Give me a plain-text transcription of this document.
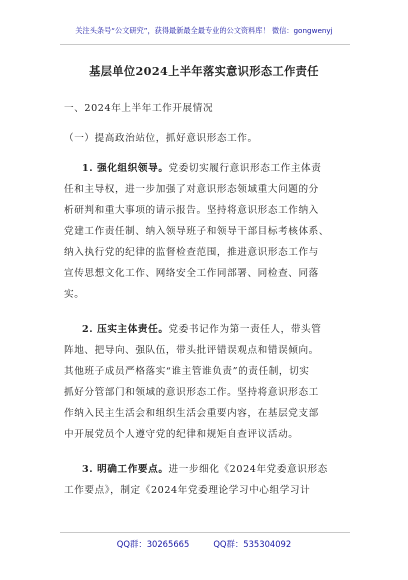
关注头条号“公文研究”，获得最新最全最专业的公文资料库！ 微信：gongwenyj
基层单位2024上半年落实意识形态工作责任
一、2024年上半年工作开展情况
（一）提高政治站位，抓好意识形态工作。
1. 强化组织领导。党委切实履行意识形态工作主体责
任和主导权，进一步加强了对意识形态领域重大问题的分
析研判和重大事项的请示报告。坚持将意识形态工作纳入
党建工作责任制、纳入领导班子和领导干部目标考核体系、
纳入执行党的纪律的监督检查范围，推进意识形态工作与
宣传思想文化工作、网络安全工作同部署、同检查、同落
实。
2. 压实主体责任。党委书记作为第一责任人，带头管
阵地、把导向、强队伍，带头批评错误观点和错误倾向。
其他班子成员严格落实“谁主管谁负责”的责任制，切实
抓好分管部门和领域的意识形态工作。坚持将意识形态工
作纳入民主生活会和组织生活会重要内容，在基层党支部
中开展党员个人遵守党的纪律和规矩自查评议活动。
3. 明确工作要点。进一步细化《2024年党委意识形态
工作要点》，制定《2024年党委理论学习中心组学习计
QQ群：30265665	QQ群：535304092
